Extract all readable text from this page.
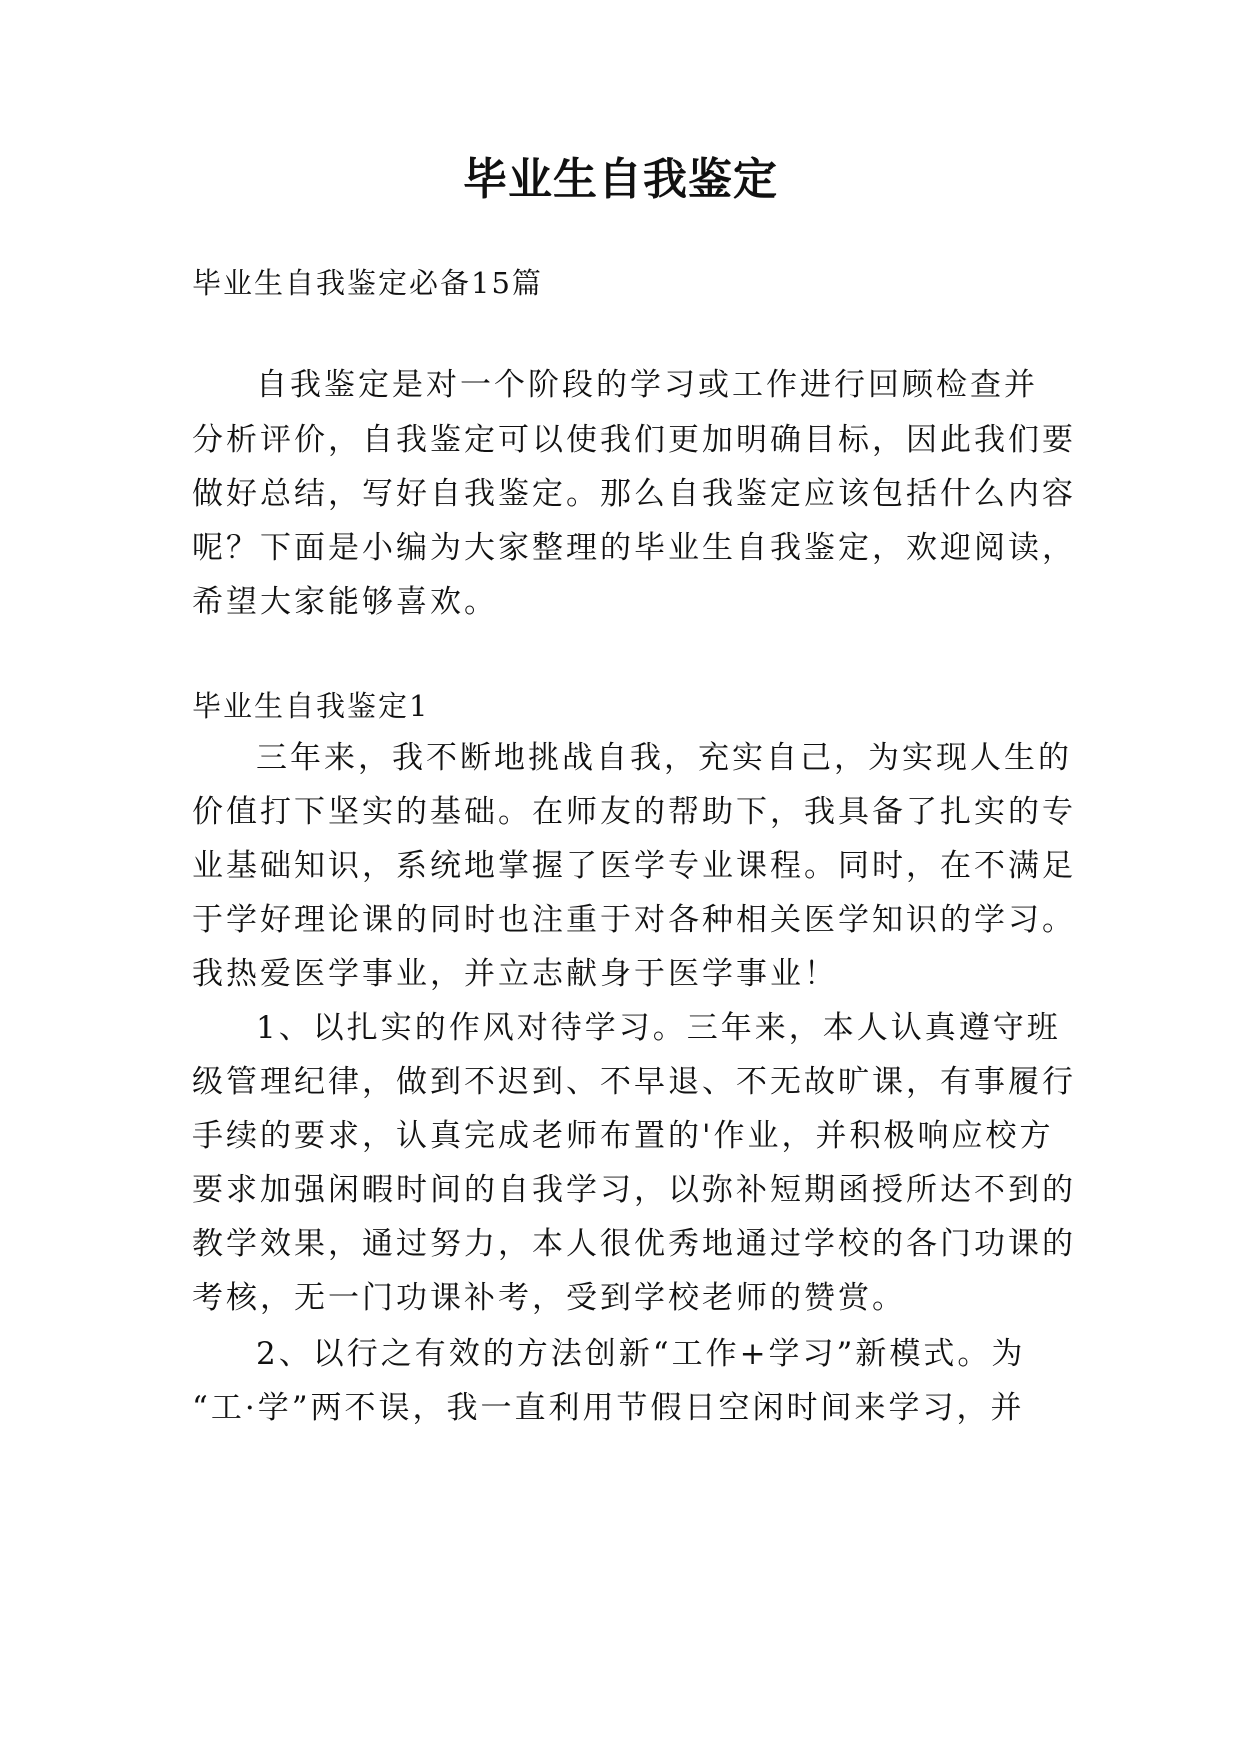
毕业生自我鉴定
毕业生自我鉴定必备15篇
自我鉴定是对一个阶段的学习或工作进行回顾检查并
分析评价，自我鉴定可以使我们更加明确目标，因此我们要
做好总结，写好自我鉴定。那么自我鉴定应该包括什么内容
呢？下面是小编为大家整理的毕业生自我鉴定，欢迎阅读，
希望大家能够喜欢。
毕业生自我鉴定1
三年来，我不断地挑战自我，充实自己，为实现人生的
价值打下坚实的基础。在师友的帮助下，我具备了扎实的专
业基础知识，系统地掌握了医学专业课程。同时，在不满足
于学好理论课的同时也注重于对各种相关医学知识的学习。
我热爱医学事业，并立志献身于医学事业！
1、以扎实的作风对待学习。三年来，本人认真遵守班
级管理纪律，做到不迟到、不早退、不无故旷课，有事履行
手续的要求，认真完成老师布置的'作业，并积极响应校方
要求加强闲暇时间的自我学习，以弥补短期函授所达不到的
教学效果，通过努力，本人很优秀地通过学校的各门功课的
考核，无一门功课补考，受到学校老师的赞赏。
2、以行之有效的方法创新“工作+学习”新模式。为
“工·学”两不误，我一直利用节假日空闲时间来学习，并
